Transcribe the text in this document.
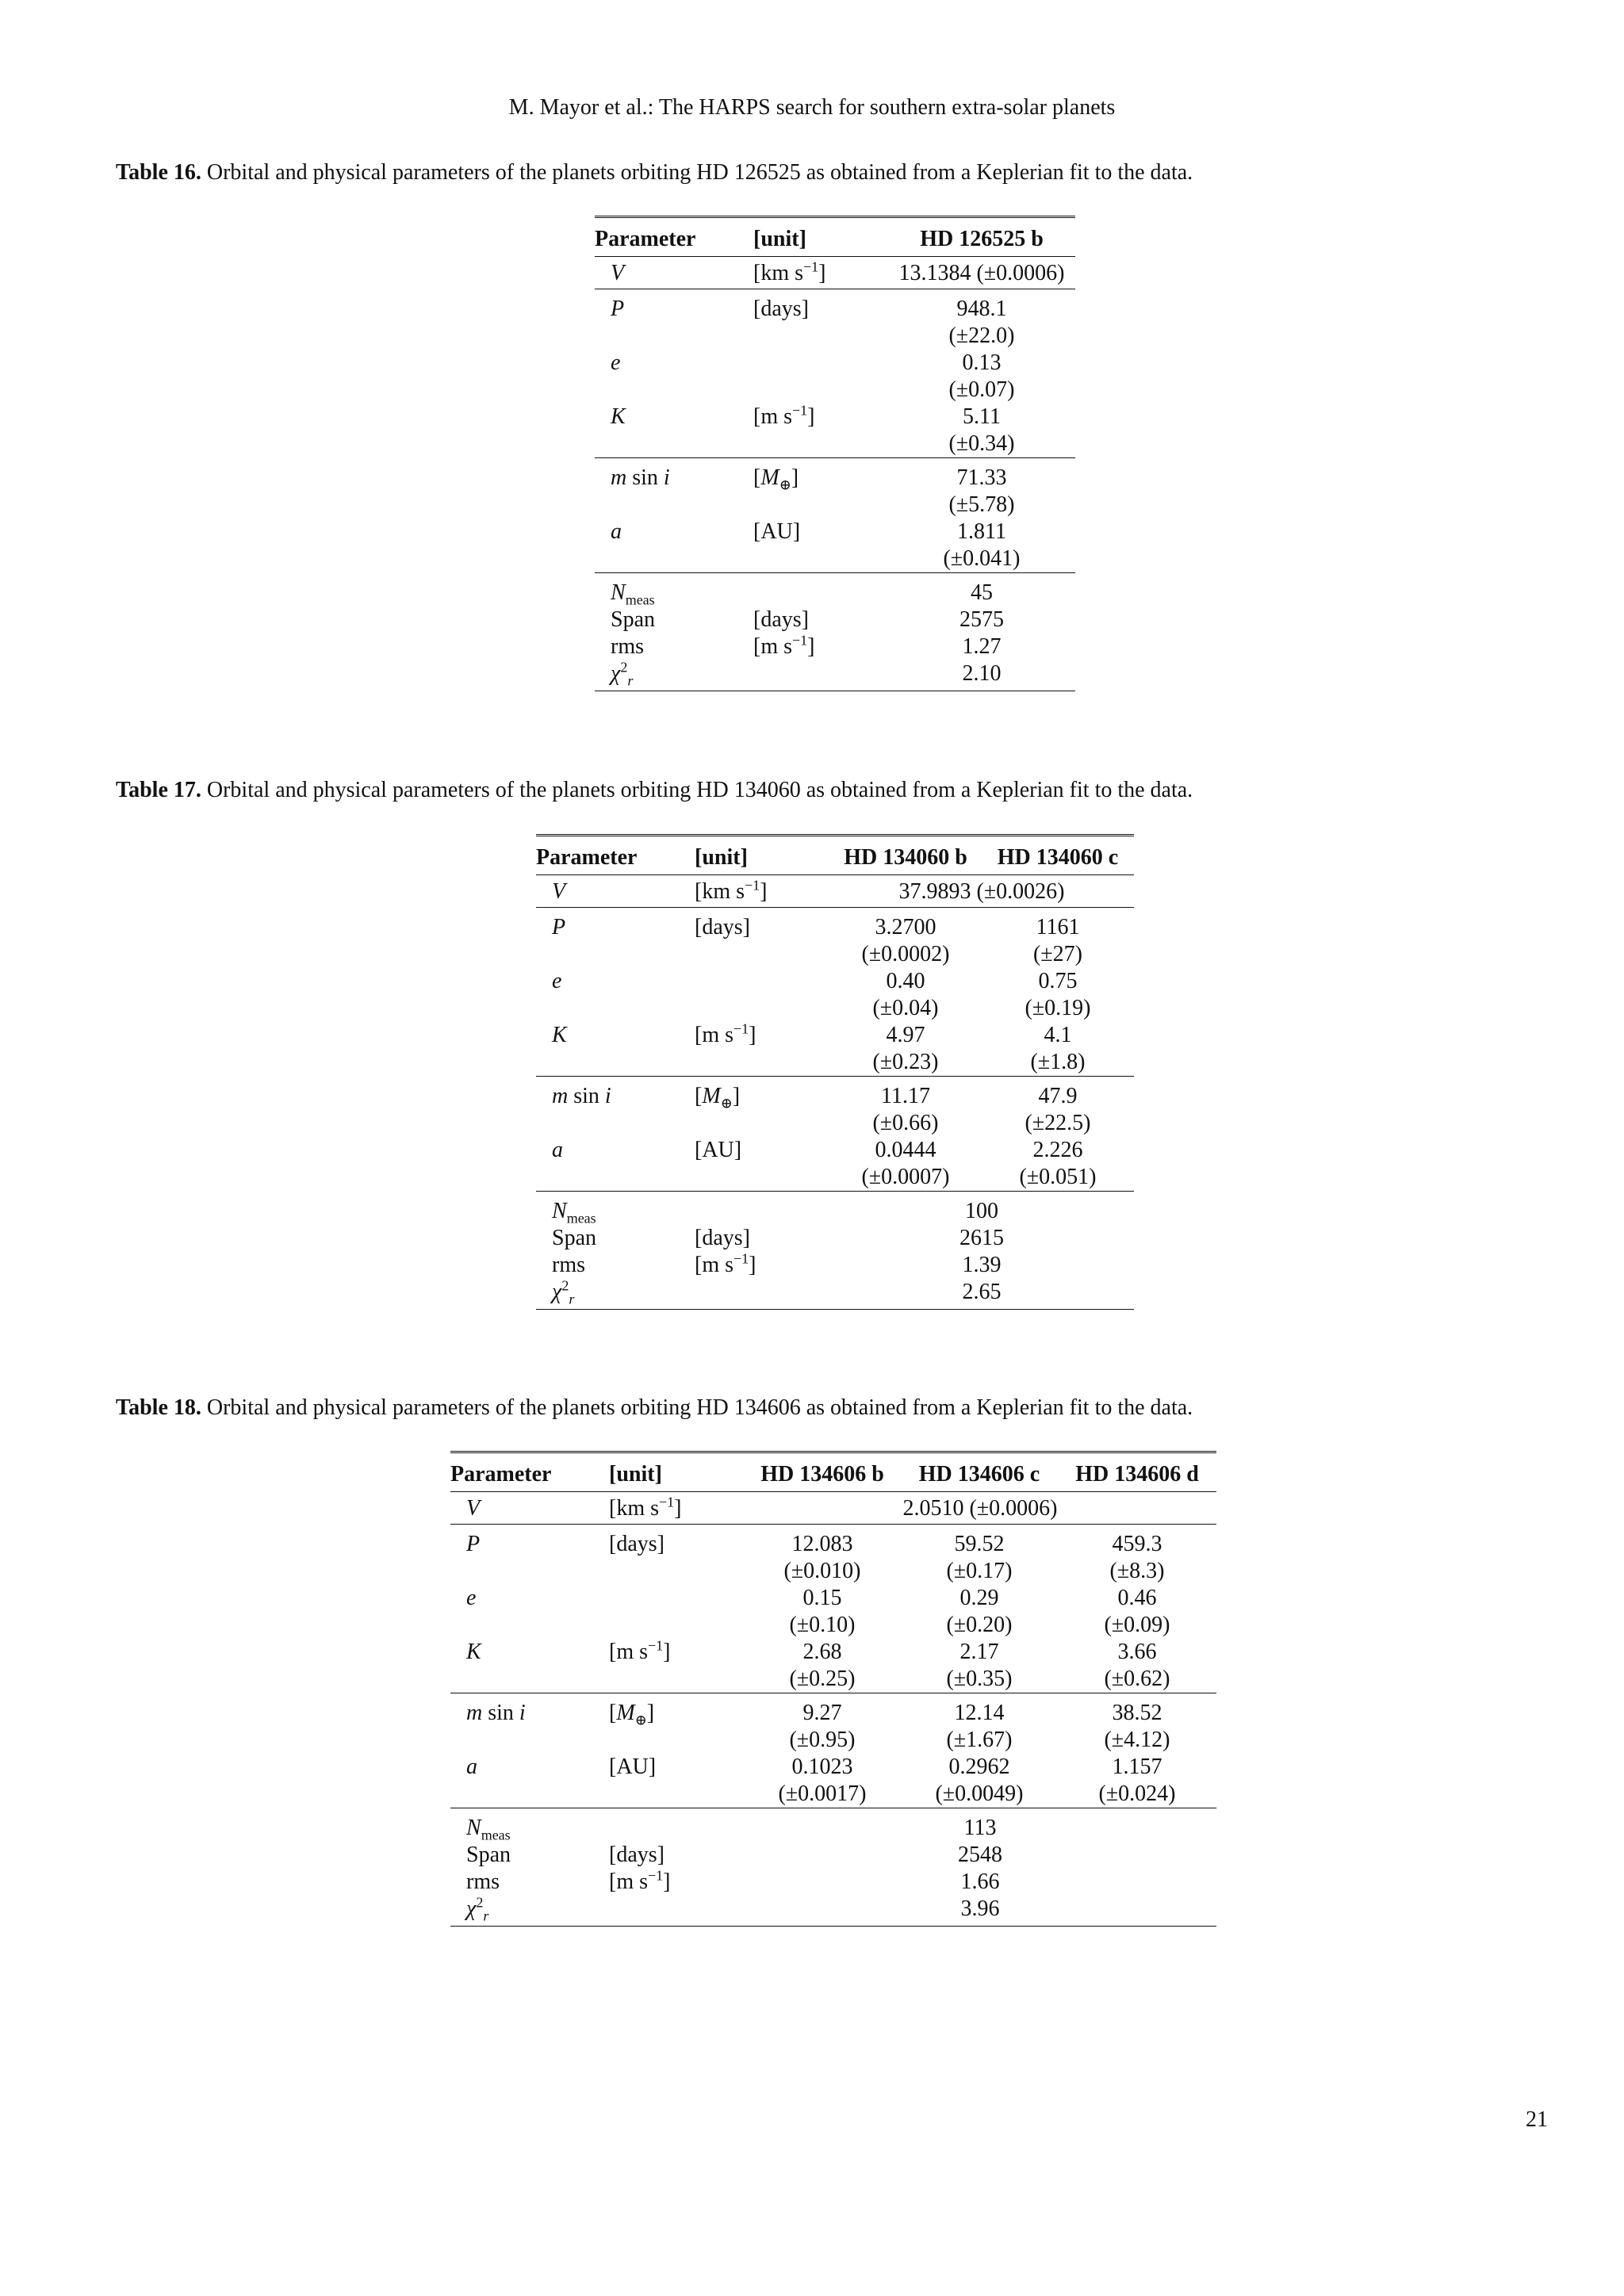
M. Mayor et al.: The HARPS search for southern extra-solar planets
Table 16. Orbital and physical parameters of the planets orbiting HD 126525 as obtained from a Keplerian fit to the data.
Parameter	[unit]	HD 126525 b
V	[km $s^{-1}$]	13.1384 (±0.0006)
P	[days]	948.1
		(±22.0)
e		0.13
		(±0.07)
K	[m $s^{-1}$]	5.11
		(±0.34)
m sin i	$[M_\oplus]$	71.33
		(±5.78)
a	[AU]	1.811
		(±0.041)
$N_{meas}$		45
Span	[days]	2575
rms	[m $s^{-1}$]	1.27
$\chi^2_r$		2.10
Table 17. Orbital and physical parameters of the planets orbiting HD 134060 as obtained from a Keplerian fit to the data.
Parameter	[unit]	HD 134060 b	HD 134060 c
V	[km $s^{-1}$]	37.9893 (±0.0026)	
P	[days]	3.2700	1161
		(±0.0002)	(±27)
e		0.40	0.75
		(±0.04)	(±0.19)
K	[m $s^{-1}$]	4.97	4.1
		(±0.23)	(±1.8)
m sin i	$[M_\oplus]$	11.17	47.9
		(±0.66)	(±22.5)
a	[AU]	0.0444	2.226
		(±0.0007)	(±0.051)
$N_{meas}$		100	
Span	[days]	2615	
rms	[m $s^{-1}$]	1.39	
$\chi^2_r$		2.65	
Table 18. Orbital and physical parameters of the planets orbiting HD 134606 as obtained from a Keplerian fit to the data.
Parameter	[unit]	HD 134606 b	HD 134606 c	HD 134606 d
V	[km $s^{-1}$]	2.0510 (±0.0006)		
P	[days]	12.083	59.52	459.3
		(±0.010)	(±0.17)	(±8.3)
e		0.15	0.29	0.46
		(±0.10)	(±0.20)	(±0.09)
K	[m $s^{-1}$]	2.68	2.17	3.66
		(±0.25)	(±0.35)	(±0.62)
m sin i	$[M_\oplus]$	9.27	12.14	38.52
		(±0.95)	(±1.67)	(±4.12)
a	[AU]	0.1023	0.2962	1.157
		(±0.0017)	(±0.0049)	(±0.024)
$N_{meas}$		113		
Span	[days]	2548		
rms	[m $s^{-1}$]	1.66		
$\chi^2_r$		3.96		
21
